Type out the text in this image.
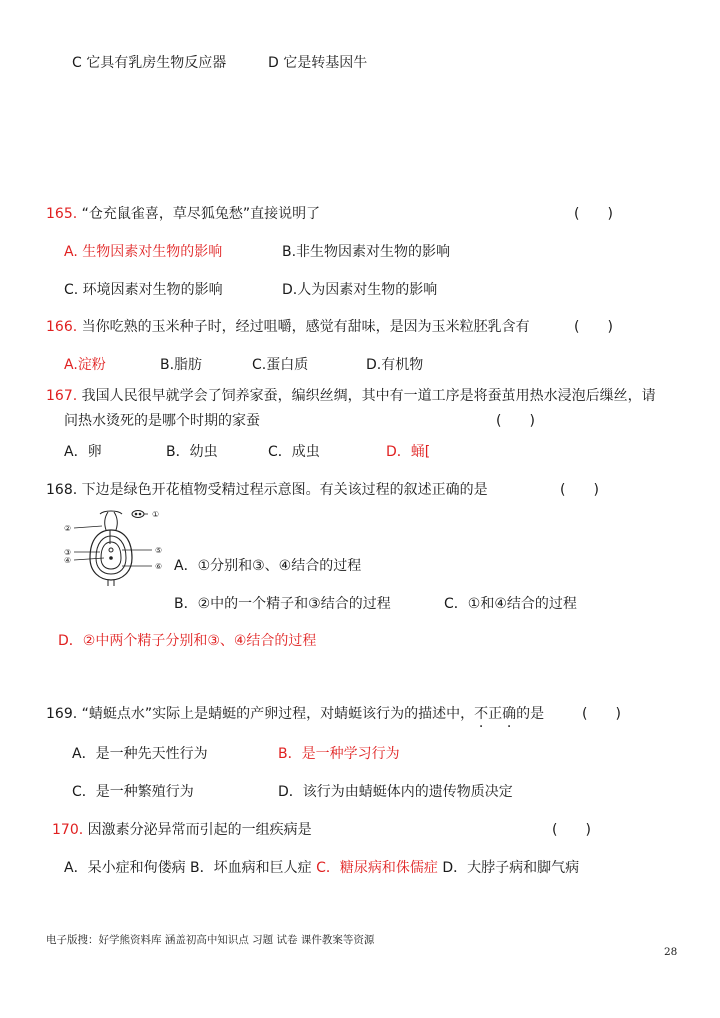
C 它具有乳房生物反应器	D 它是转基因牛
165. “仓充鼠雀喜，草尽狐兔愁”直接说明了	(　　)
A. 生物因素对生物的影响	B.非生物因素对生物的影响
C. 环境因素对生物的影响	D.人为因素对生物的影响
166. 当你吃熟的玉米种子时，经过咀嚼，感觉有甜味，是因为玉米粒胚乳含有	(　　)
A.淀粉	B.脂肪	C.蛋白质	D.有机物
167. 我国人民很早就学会了饲养家蚕，编织丝绸，其中有一道工序是将蚕茧用热水浸泡后缫丝，请
问热水烫死的是哪个时期的家蚕	(　　)
A．卵	B．幼虫	C．成虫	D．蛹[
168. 下边是绿色开花植物受精过程示意图。有关该过程的叙述正确的是	(　　)
①
②
③
④
⑤
⑥ A．①分别和③、④结合的过程
B．②中的一个精子和③结合的过程	C．①和④结合的过程
D．②中两个精子分别和③、④结合的过程
169. “蜻蜓点水”实际上是蜻蜓的产卵过程，对蜻蜓该行为的描述中，不正确的是	(　　)
A．是一种先天性行为	B．是一种学习行为
C．是一种繁殖行为	D．该行为由蜻蜓体内的遗传物质决定
170. 因激素分泌异常而引起的一组疾病是	(　　)
A．呆小症和佝偻病 B．坏血病和巨人症 C．糖尿病和侏儒症 D．大脖子病和脚气病
电子版搜：好学熊资料库 涵盖初高中知识点 习题 试卷 课件教案等资源
28
